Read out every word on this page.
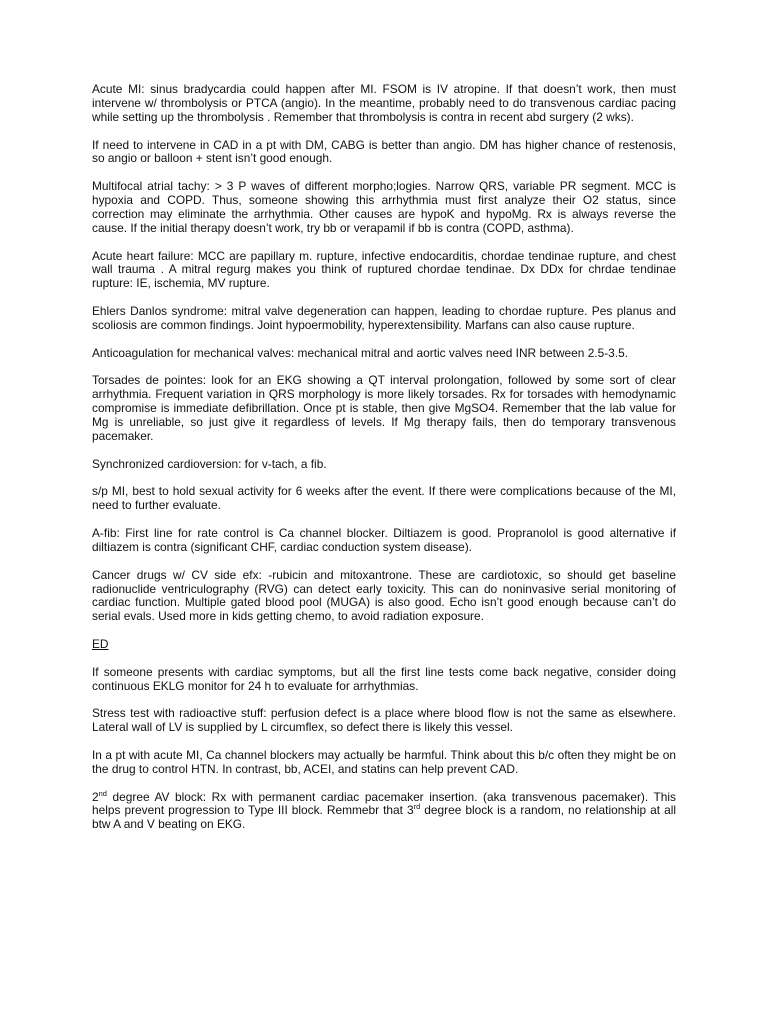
Acute MI: sinus bradycardia could happen after MI. FSOM is IV atropine. If that doesn’t work, then must intervene w/ thrombolysis or PTCA (angio). In the meantime, probably need to do transvenous cardiac pacing while setting up the thrombolysis . Remember that thrombolysis is contra in recent abd surgery (2 wks).

If need to intervene in CAD in a pt with DM, CABG is better than angio. DM has higher chance of restenosis, so angio or balloon + stent isn’t good enough.

Multifocal atrial tachy: > 3 P waves of different morpho;logies. Narrow QRS, variable PR segment. MCC is hypoxia and COPD. Thus, someone showing this arrhythmia must first analyze their O2 status, since correction may eliminate the arrhythmia. Other causes are hypoK and hypoMg. Rx is always reverse the cause. If the initial therapy doesn’t work, try bb or verapamil if bb is contra (COPD, asthma).

Acute heart failure: MCC are papillary m. rupture, infective endocarditis, chordae tendinae rupture, and chest wall trauma . A mitral regurg makes you think of ruptured chordae tendinae. Dx DDx for chrdae tendinae rupture: IE, ischemia, MV rupture.

Ehlers Danlos syndrome: mitral valve degeneration can happen, leading to chordae rupture. Pes planus and scoliosis are common findings. Joint hypoermobility, hyperextensibility. Marfans can also cause rupture.

Anticoagulation for mechanical valves: mechanical mitral and aortic valves need INR between 2.5-3.5.

Torsades de pointes: look for an EKG showing a QT interval prolongation, followed by some sort of clear arrhythmia. Frequent variation in QRS morphology is more likely torsades. Rx for torsades with hemodynamic compromise is immediate defibrillation. Once pt is stable, then give MgSO4. Remember that the lab value for Mg is unreliable, so just give it regardless of levels. If Mg therapy fails, then do temporary transvenous pacemaker.

Synchronized cardioversion: for v-tach, a fib.

s/p MI, best to hold sexual activity for 6 weeks after the event. If there were complications because of the MI, need to further evaluate.

A-fib: First line for rate control is Ca channel blocker. Diltiazem is good. Propranolol is good alternative if diltiazem is contra (significant CHF, cardiac conduction system disease).

Cancer drugs w/ CV side efx: -rubicin and mitoxantrone. These are cardiotoxic, so should get baseline radionuclide ventriculography (RVG) can detect early toxicity. This can do noninvasive serial monitoring of cardiac function. Multiple gated blood pool (MUGA) is also good. Echo isn’t good enough because can’t do serial evals. Used more in kids getting chemo, to avoid radiation exposure.

ED

If someone presents with cardiac symptoms, but all the first line tests come back negative, consider doing continuous EKLG monitor for 24 h to evaluate for arrhythmias.

Stress test with radioactive stuff: perfusion defect is a place where blood flow is not the same as elsewhere. Lateral wall of LV is supplied by L circumflex, so defect there is likely this vessel.

In a pt with acute MI, Ca channel blockers may actually be harmful. Think about this b/c often they might be on the drug to control HTN. In contrast, bb, ACEI, and statins can help prevent CAD.

2nd degree AV block: Rx with permanent cardiac pacemaker insertion. (aka transvenous pacemaker). This helps prevent progression to Type III block. Remmebr that 3rd degree block is a random, no relationship at all btw A and V beating on EKG.
